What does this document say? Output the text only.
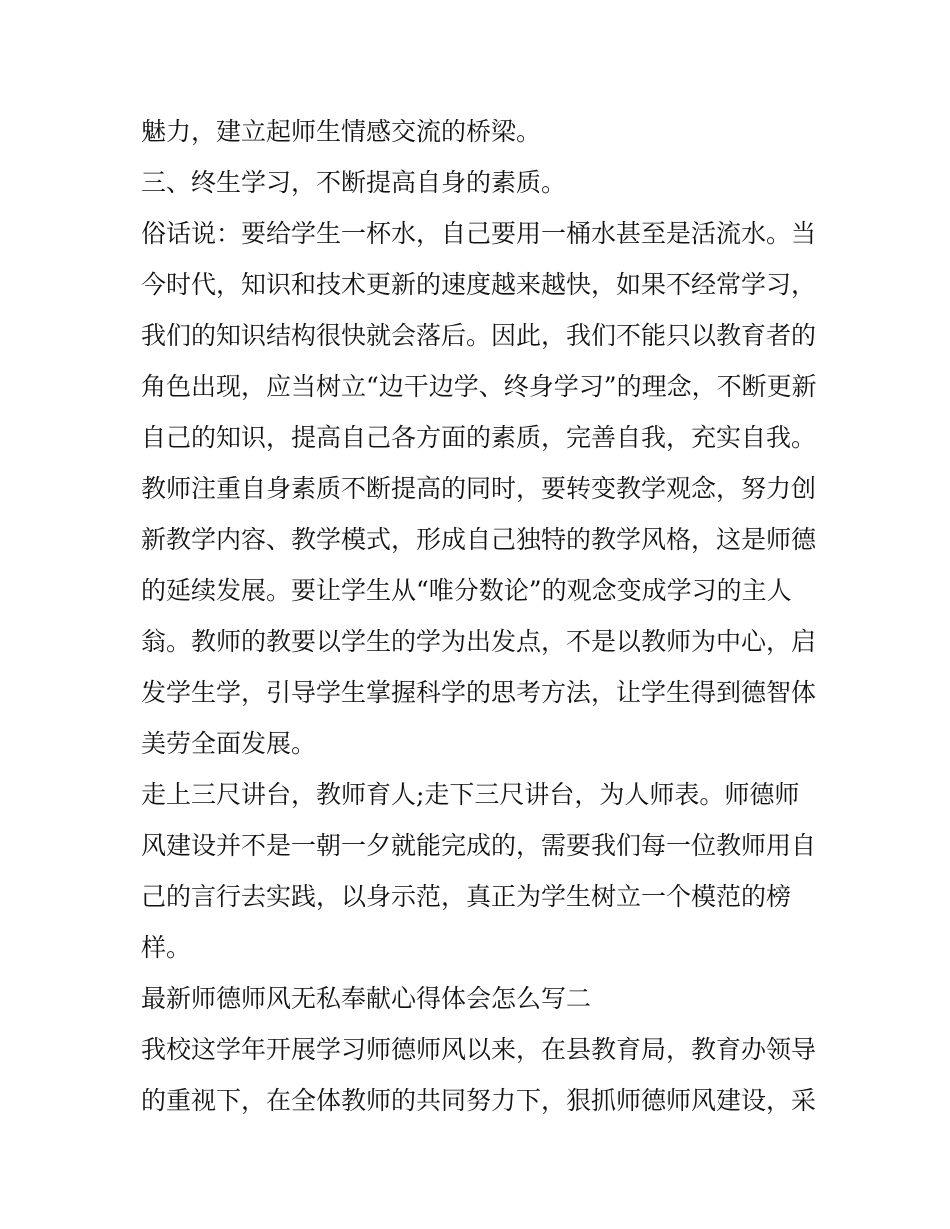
魅力，建立起师生情感交流的桥梁。
三、终生学习，不断提高自身的素质。
俗话说：要给学生一杯水，自己要用一桶水甚至是活流水。当
今时代，知识和技术更新的速度越来越快，如果不经常学习，
我们的知识结构很快就会落后。因此，我们不能只以教育者的
角色出现，应当树立“边干边学、终身学习”的理念，不断更新
自己的知识，提高自己各方面的素质，完善自我，充实自我。
教师注重自身素质不断提高的同时，要转变教学观念，努力创
新教学内容、教学模式，形成自己独特的教学风格，这是师德
的延续发展。要让学生从“唯分数论”的观念变成学习的主人
翁。教师的教要以学生的学为出发点，不是以教师为中心，启
发学生学，引导学生掌握科学的思考方法，让学生得到德智体
美劳全面发展。
走上三尺讲台，教师育人;走下三尺讲台，为人师表。师德师
风建设并不是一朝一夕就能完成的，需要我们每一位教师用自
己的言行去实践，以身示范，真正为学生树立一个模范的榜
样。
最新师德师风无私奉献心得体会怎么写二
我校这学年开展学习师德师风以来，在县教育局，教育办领导
的重视下，在全体教师的共同努力下，狠抓师德师风建设，采
